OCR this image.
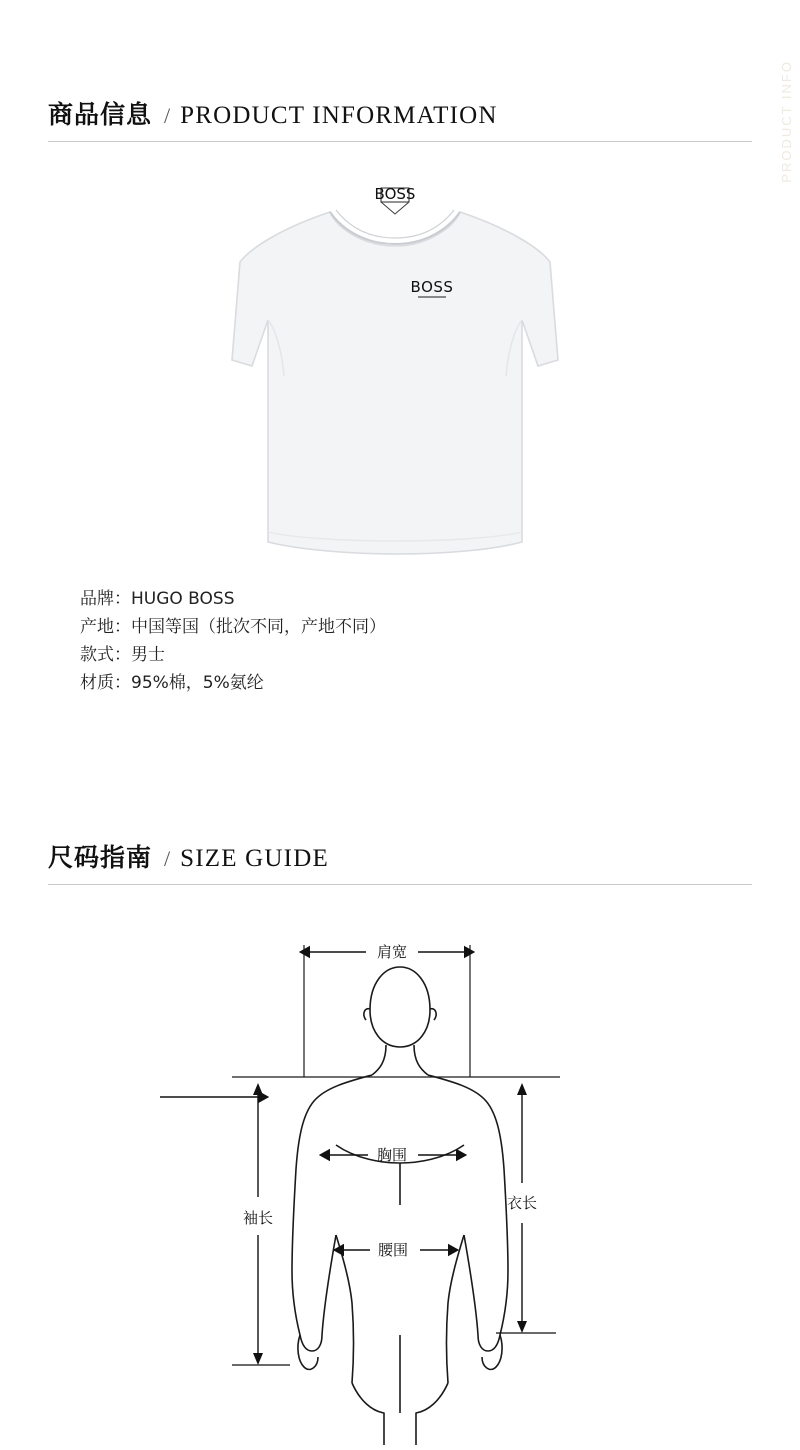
PRODUCT INFO
商品信息 / PRODUCT INFORMATION
BOSS
BOSS
品牌：HUGO BOSS
产地：中国等国（批次不同，产地不同）
款式：男士
材质：95%棉，5%氨纶
尺码指南 / SIZE GUIDE
肩宽
胸围
腰围
袖长
衣长
